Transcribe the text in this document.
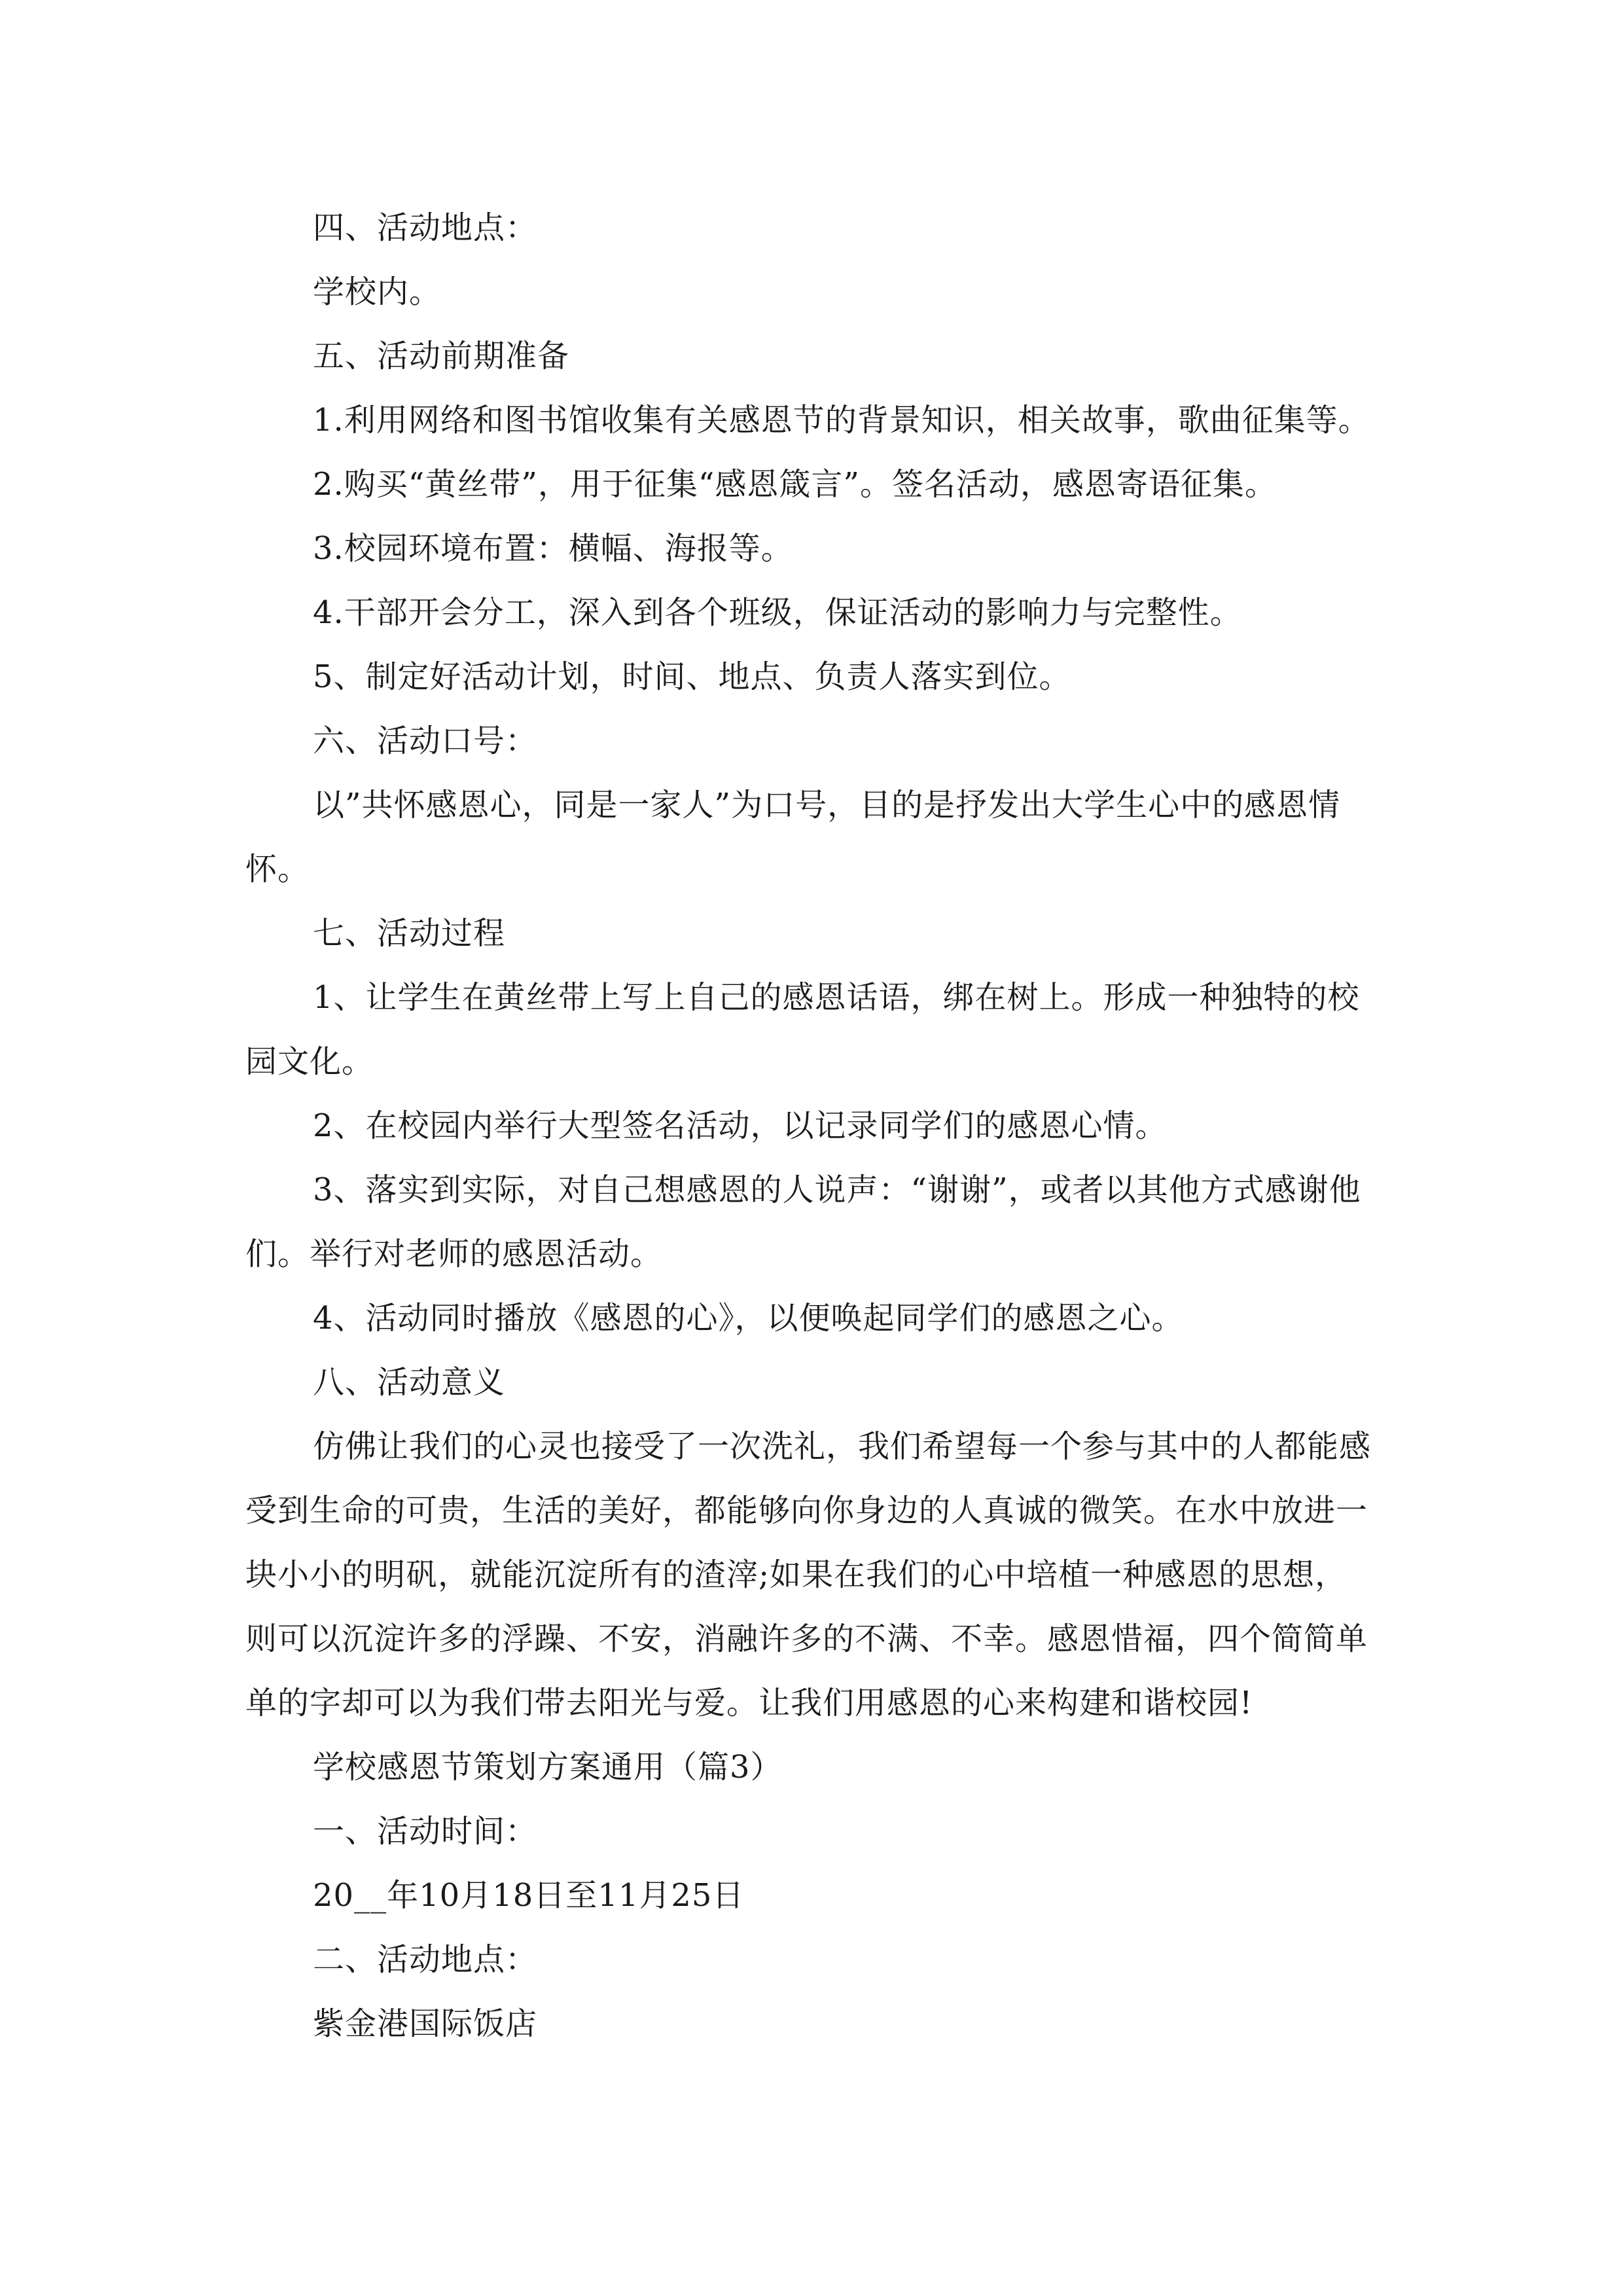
四、活动地点：
学校内。
五、活动前期准备
1.利用网络和图书馆收集有关感恩节的背景知识，相关故事，歌曲征集等。
2.购买“黄丝带”，用于征集“感恩箴言”。签名活动，感恩寄语征集。
3.校园环境布置：横幅、海报等。
4.干部开会分工，深入到各个班级，保证活动的影响力与完整性。
5、制定好活动计划，时间、地点、负责人落实到位。
六、活动口号：
以”共怀感恩心，同是一家人”为口号，目的是抒发出大学生心中的感恩情
怀。
七、活动过程
1、让学生在黄丝带上写上自己的感恩话语，绑在树上。形成一种独特的校
园文化。
2、在校园内举行大型签名活动，以记录同学们的感恩心情。
3、落实到实际，对自己想感恩的人说声：“谢谢”，或者以其他方式感谢他
们。举行对老师的感恩活动。
4、活动同时播放《感恩的心》，以便唤起同学们的感恩之心。
八、活动意义
仿佛让我们的心灵也接受了一次洗礼，我们希望每一个参与其中的人都能感
受到生命的可贵，生活的美好，都能够向你身边的人真诚的微笑。在水中放进一
块小小的明矾，就能沉淀所有的渣滓;如果在我们的心中培植一种感恩的思想，
则可以沉淀许多的浮躁、不安，消融许多的不满、不幸。感恩惜福，四个简简单
单的字却可以为我们带去阳光与爱。让我们用感恩的心来构建和谐校园!
学校感恩节策划方案通用（篇3）
一、活动时间：
20__年10月18日至11月25日
二、活动地点：
紫金港国际饭店
